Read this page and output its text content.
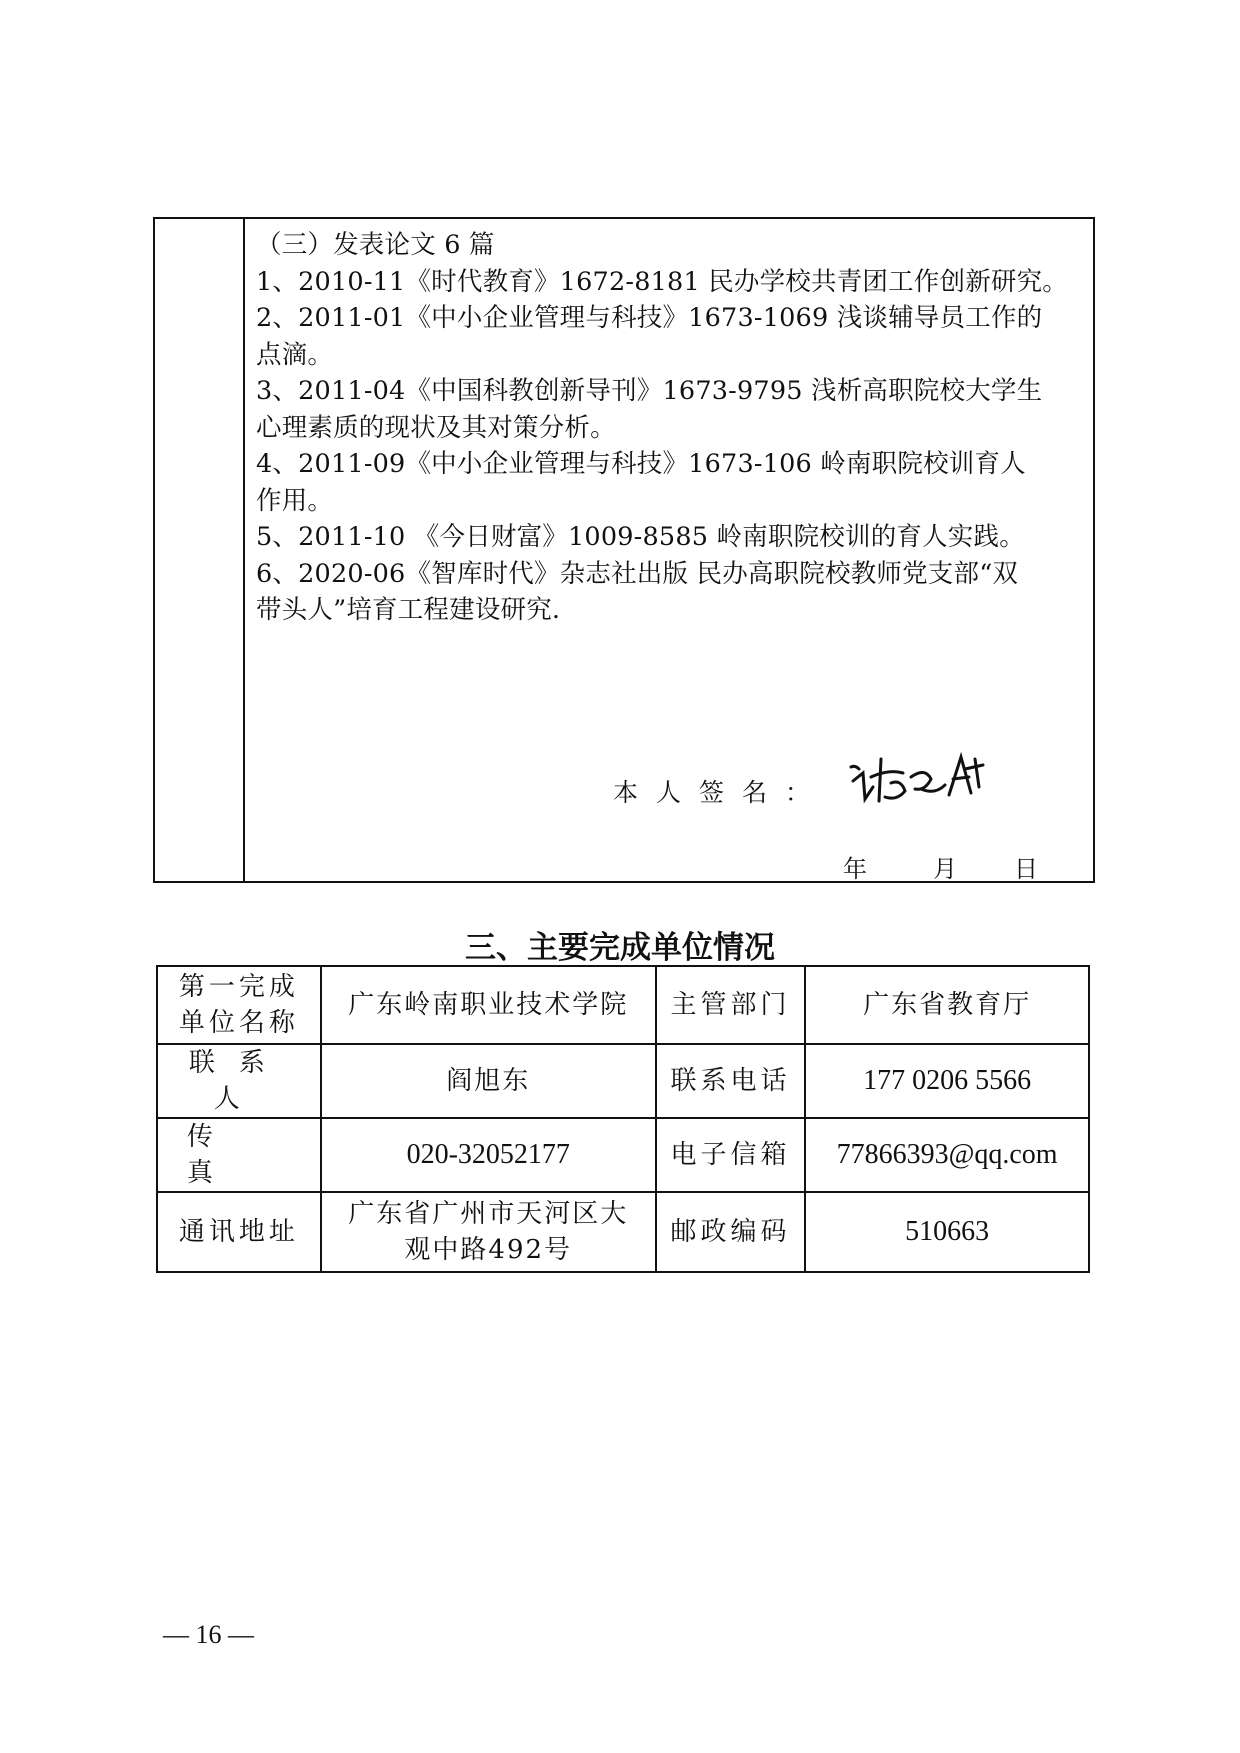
（三）发表论文 6 篇
1、2010-11《时代教育》1672-8181 民办学校共青团工作创新研究。
2、2011-01《中小企业管理与科技》1673-1069 浅谈辅导员工作的
点滴。
3、2011-04《中国科教创新导刊》1673-9795 浅析高职院校大学生
心理素质的现状及其对策分析。
4、2011-09《中小企业管理与科技》1673-106 岭南职院校训育人
作用。
5、2011-10 《今日财富》1009-8585 岭南职院校训的育人实践。
6、2020-06《智库时代》杂志社出版 民办高职院校教师党支部“双
带头人”培育工程建设研究.
本人签名：
年	月 日
三、主要完成单位情况
第一完成
单位名称	广东岭南职业技术学院	主管部门	广东省教育厅
联系人	阎旭东	联系电话	177 0206 5566
传真	020-32052177	电子信箱	77866393@qq.com
通讯地址	广东省广州市天河区大
观中路492号	邮政编码	510663
— 16 —
